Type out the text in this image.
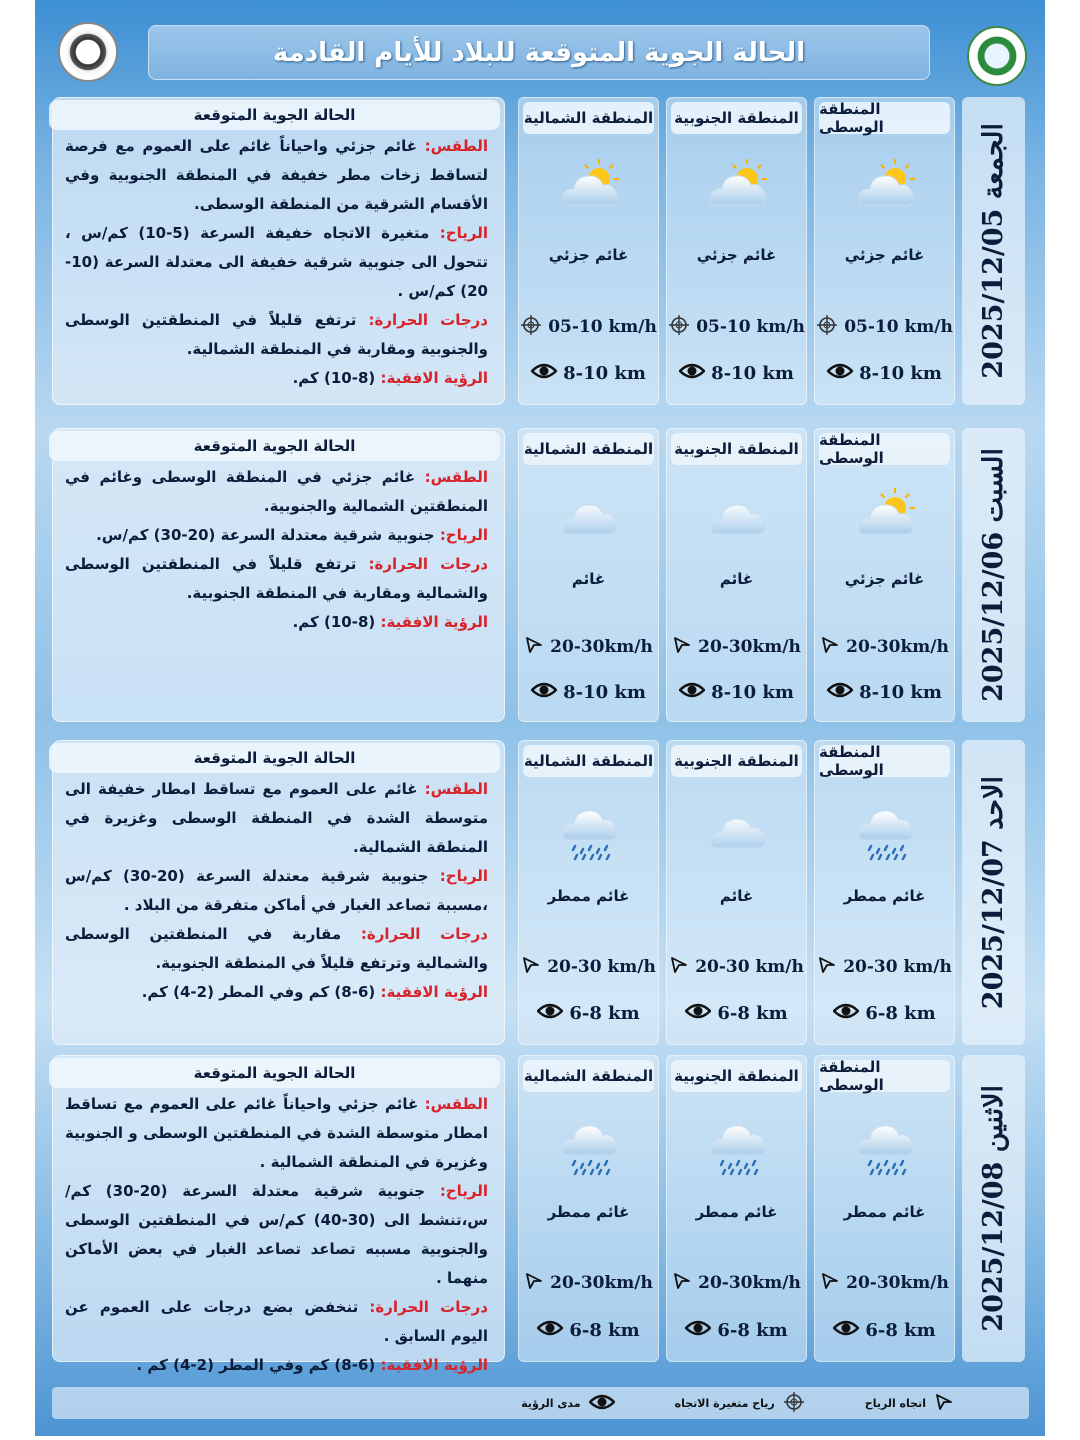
الحالة الجوية المتوقعة للبلاد للأيام القادمة
الجمعة 2025/12/05
المنطقة الوسطى
غائم جزئي
05-10 km/h
8-10 km
المنطقة الجنوبية
غائم جزئي
05-10 km/h
8-10 km
المنطقة الشمالية
غائم جزئي
05-10 km/h
8-10 km
الحالة الجوية المتوقعة

الطقس: غائم جزئي واحياناً غائم على العموم مع فرصة لتساقط زخات مطر خفيفة في المنطقة الجنوبية وفي الأقسام الشرقية من المنطقة الوسطى.

الرياح: متغيرة الاتجاه خفيفة السرعة (5-10) كم/س ، تتحول الى جنوبية شرقية خفيفة الى معتدلة السرعة (10-20) كم/س .

درجات الحرارة: ترتفع قليلاً في المنطقتين الوسطى والجنوبية ومقاربة في المنطقة الشمالية.

الرؤية الافقية: (8-10) كم.

السبت 2025/12/06
المنطقة الوسطى
غائم جزئي
20-30km/h
8-10 km
المنطقة الجنوبية
غائم
20-30km/h
8-10 km
المنطقة الشمالية
غائم
20-30km/h
8-10 km
الحالة الجوية المتوقعة

الطقس: غائم جزئي في المنطقة الوسطى وغائم في المنطقتين الشمالية والجنوبية.

الرياح: جنوبية شرقية معتدلة السرعة (20-30) كم/س.

درجات الحرارة: ترتفع قليلاً في المنطقتين الوسطى والشمالية ومقاربة في المنطقة الجنوبية.

الرؤية الافقية: (8-10) كم.

الاحد 2025/12/07
المنطقة الوسطى
غائم ممطر
20-30 km/h
6-8 km
المنطقة الجنوبية
غائم
20-30 km/h
6-8 km
المنطقة الشمالية
غائم ممطر
20-30 km/h
6-8 km
الحالة الجوية المتوقعة

الطقس: غائم على العموم مع تساقط امطار خفيفة الى متوسطة الشدة في المنطقة الوسطى وغزيرة في المنطقة الشمالية.

الرياح: جنوبية شرقية معتدلة السرعة (20-30) كم/س ،مسببة تصاعد الغبار في أماكن متفرقة من البلاد .

درجات الحرارة: مقاربة في المنطقتين الوسطى والشمالية وترتفع قليلاً في المنطقة الجنوبية.

الرؤية الافقية: (6-8) كم وفي المطر (2-4) كم.

الاثنين 2025/12/08
المنطقة الوسطى
غائم ممطر
20-30km/h
6-8 km
المنطقة الجنوبية
غائم ممطر
20-30km/h
6-8 km
المنطقة الشمالية
غائم ممطر
20-30km/h
6-8 km
الحالة الجوية المتوقعة

الطقس: غائم جزئي واحياناً غائم على العموم مع تساقط امطار متوسطة الشدة في المنطقتين الوسطى و الجنوبية وغزيرة في المنطقة الشمالية .

الرياح: جنوبية شرقية معتدلة السرعة (20-30) كم/س،تنشط الى (30-40) كم/س في المنطقتين الوسطى والجنوبية مسببه تصاعد تصاعد الغبار في بعض الأماكن منهما .

درجات الحرارة: تنخفض بضع درجات على العموم عن اليوم السابق .

الرؤية الافقية: (6-8) كم وفي المطر (2-4) كم .

مدى الرؤية	رياح متغيرة الاتجاه	اتجاه الرياح
